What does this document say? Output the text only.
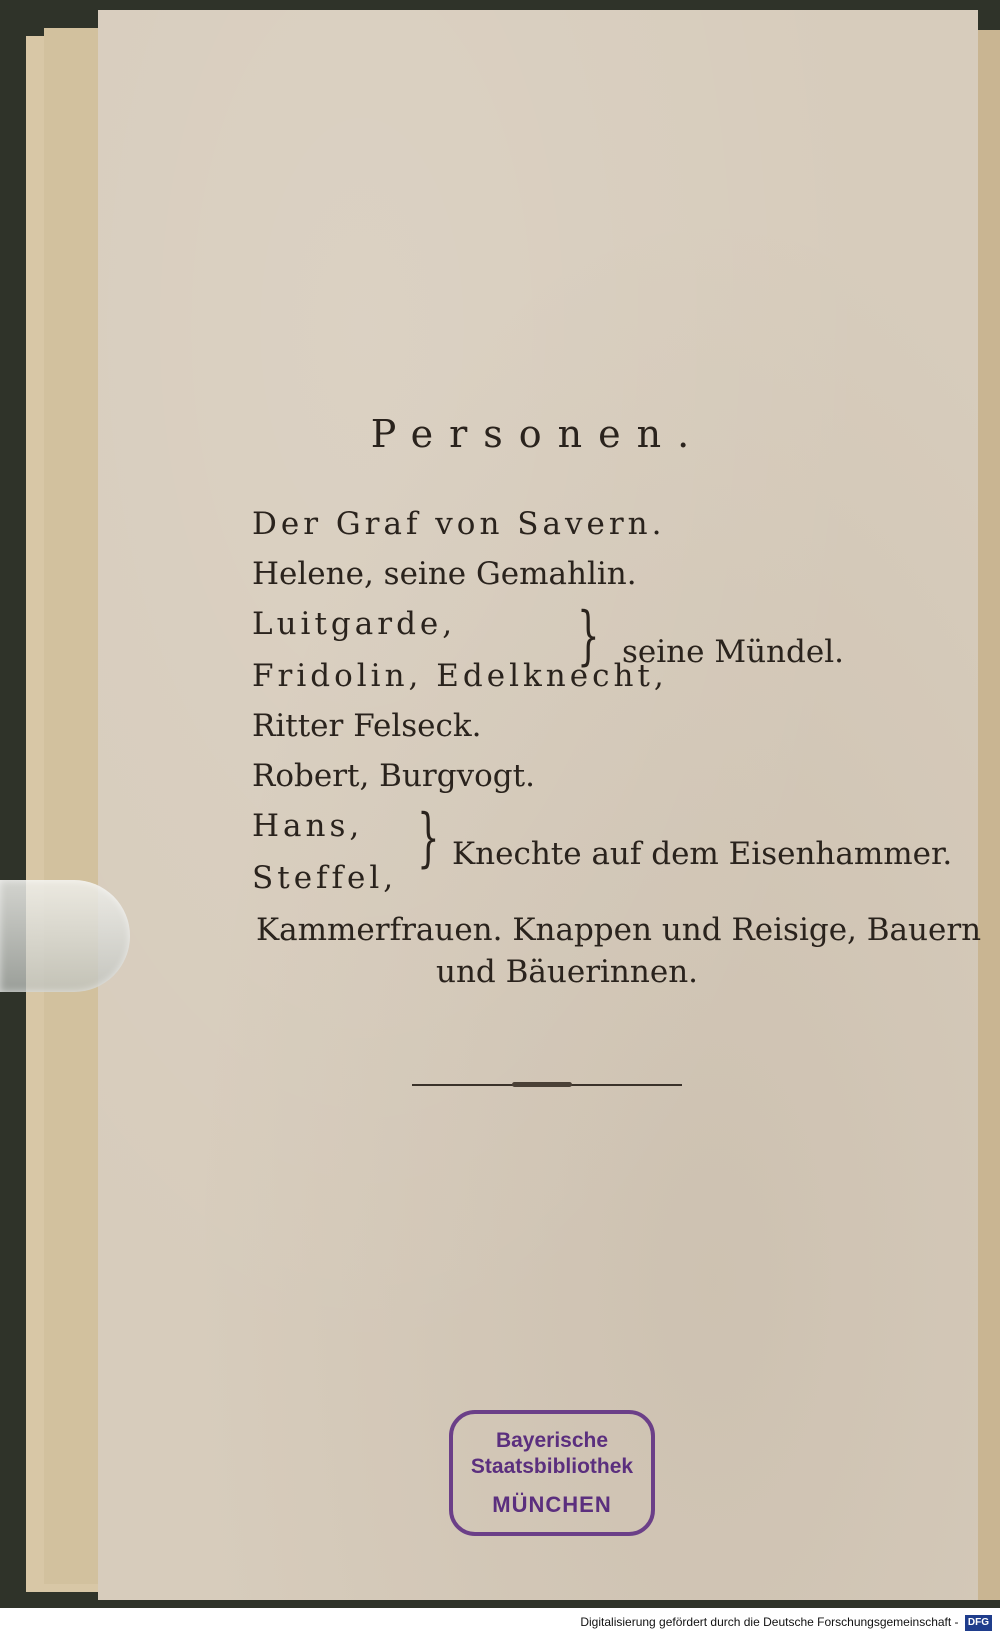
Personen.
Der Graf von Savern.
Helene, seine Gemahlin.
Luitgarde,
Fridolin, Edelknecht,
} seine Mündel.
Ritter Felseck.
Robert, Burgvogt.
Hans,
Steffel,
} Knechte auf dem Eisenhammer.
Kammerfrauen. Knappen und Reisige, Bauern
und Bäuerinnen.
Bayerische
Staatsbibliothek
MÜNCHEN
Digitalisierung gefördert durch die Deutsche Forschungsgemeinschaft - DFG
